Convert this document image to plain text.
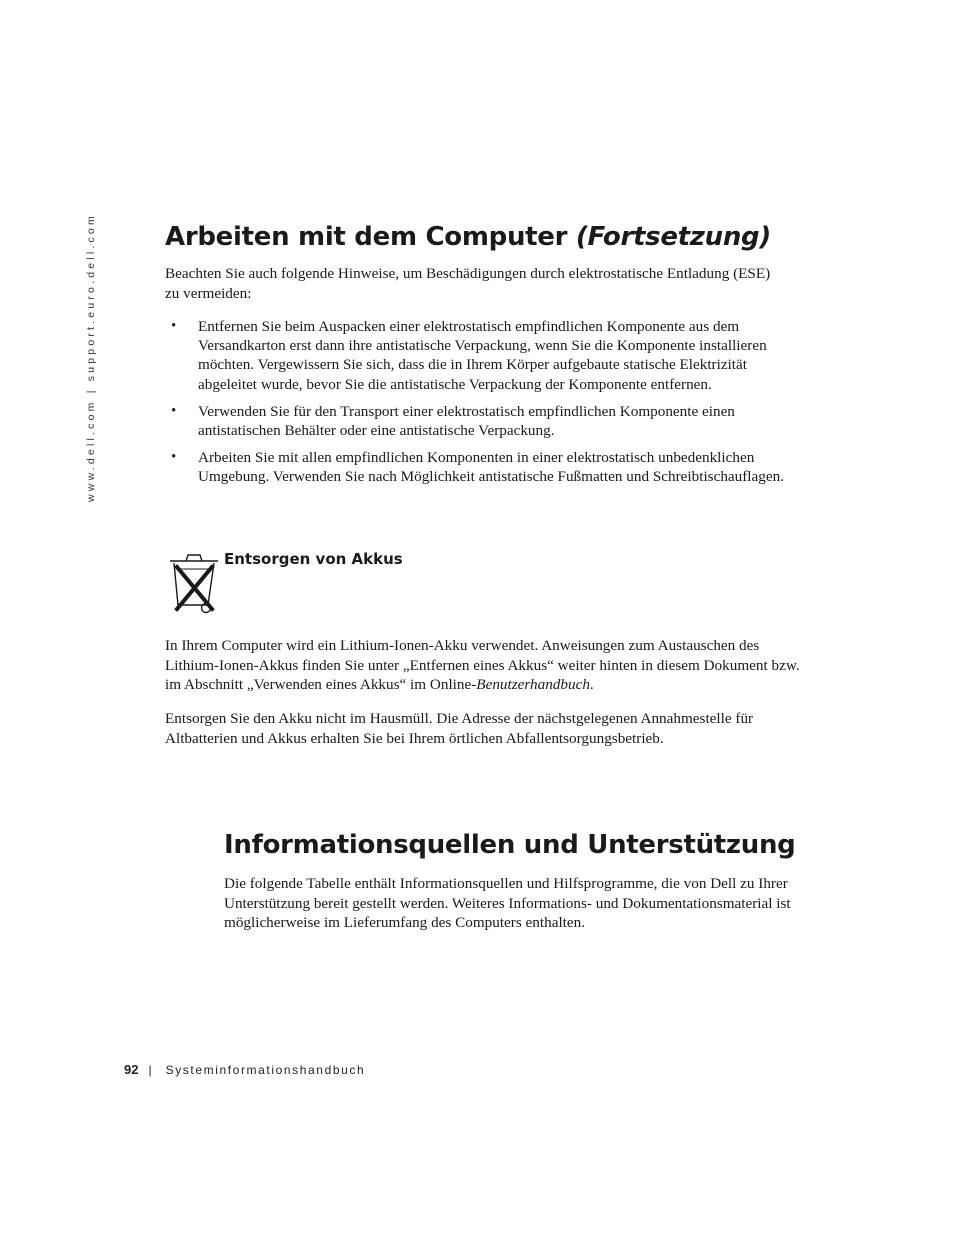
www.dell.com | support.euro.dell.com	Arbeiten mit dem Computer (Fortsetzung)

Beachten Sie auch folgende Hinweise, um Beschädigungen durch elektrostatische Entladung (ESE) zu vermeiden:

• Entfernen Sie beim Auspacken einer elektrostatisch empfindlichen Komponente aus dem Versandkarton erst dann ihre antistatische Verpackung, wenn Sie die Komponente installieren möchten. Vergewissern Sie sich, dass die in Ihrem Körper aufgebaute statische Elektrizität abgeleitet wurde, bevor Sie die antistatische Verpackung der Komponente entfernen.
• Verwenden Sie für den Transport einer elektrostatisch empfindlichen Komponente einen antistatischen Behälter oder eine antistatische Verpackung.
• Arbeiten Sie mit allen empfindlichen Komponenten in einer elektrostatisch unbedenklichen Umgebung. Verwenden Sie nach Möglichkeit antistatische Fußmatten und Schreibtischauflagen.
Entsorgen von Akkus

In Ihrem Computer wird ein Lithium-Ionen-Akku verwendet. Anweisungen zum Austauschen des Lithium-Ionen-Akkus finden Sie unter „Entfernen eines Akkus“ weiter hinten in diesem Dokument bzw. im Abschnitt „Verwenden eines Akkus“ im Online-Benutzerhandbuch.

Entsorgen Sie den Akku nicht im Hausmüll. Die Adresse der nächstgelegenen Annahmestelle für Altbatterien und Akkus erhalten Sie bei Ihrem örtlichen Abfallentsorgungsbetrieb.

Informationsquellen und Unterstützung

Die folgende Tabelle enthält Informationsquellen und Hilfsprogramme, die von Dell zu Ihrer Unterstützung bereit gestellt werden. Weiteres Informations- und Dokumentationsmaterial ist möglicherweise im Lieferumfang des Computers enthalten.

92 | Systeminformationshandbuch
